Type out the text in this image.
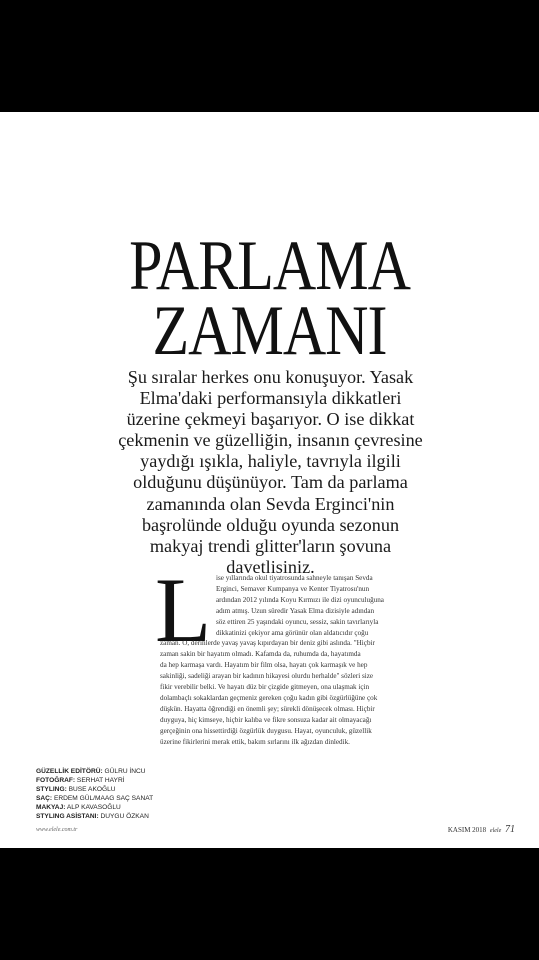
PARLAMA
ZAMANI
Şu sıralar herkes onu konuşuyor. Yasak
Elma'daki performansıyla dikkatleri
üzerine çekmeyi başarıyor. O ise dikkat
çekmenin ve güzelliğin, insanın çevresine
yaydığı ışıkla, haliyle, tavrıyla ilgili
olduğunu düşünüyor. Tam da parlama
zamanında olan Sevda Erginci'nin
başrolünde olduğu oyunda sezonun
makyaj trendi glitter'ların şovuna
davetlisiniz.
L ise yıllarında okul tiyatrosunda sahneyle tanışan Sevda
Erginci, Semaver Kumpanya ve Kenter Tiyatrosu'nun
ardından 2012 yılında Koyu Kırmızı ile dizi oyunculuğuna
adım atmış. Uzun süredir Yasak Elma dizisiyle adından
söz ettiren 25 yaşındaki oyuncu, sessiz, sakin tavırlarıyla
dikkatinizi çekiyor ama görünür olan aldatıcıdır çoğu
zaman. O, derinlerde yavaş yavaş kıpırdayan bir deniz gibi aslında. "Hiçbir
zaman sakin bir hayatım olmadı. Kafamda da, ruhumda da, hayatımda
da hep karmaşa vardı. Hayatım bir film olsa, hayatı çok karmaşık ve hep
sakinliği, sadeliği arayan bir kadının hikayesi olurdu herhalde" sözleri size
fikir verebilir belki. Ve hayatı düz bir çizgide gitmeyen, ona ulaşmak için
dolambaçlı sokaklardan geçmeniz gereken çoğu kadın gibi özgürlüğüne çok
düşkün. Hayatta öğrendiği en önemli şey; sürekli dönüşecek olması. Hiçbir
duyguya, hiç kimseye, hiçbir kalıba ve fikre sonsuza kadar ait olmayacağı
gerçeğinin ona hissettirdiği özgürlük duygusu. Hayat, oyunculuk, güzellik
üzerine fikirlerini merak ettik, bakım sırlarını ilk ağızdan dinledik.
GÜZELLİK EDİTÖRÜ: GÜLRU İNCU
FOTOĞRAF: SERHAT HAYRİ
STYLING: BUSE AKOĞLU
SAÇ: ERDEM GÜL/MAAG SAÇ SANAT
MAKYAJ: ALP KAVASOĞLU
STYLING ASİSTANI: DUYGU ÖZKAN
www.elele.com.tr	KASIM 2018 elele 71
